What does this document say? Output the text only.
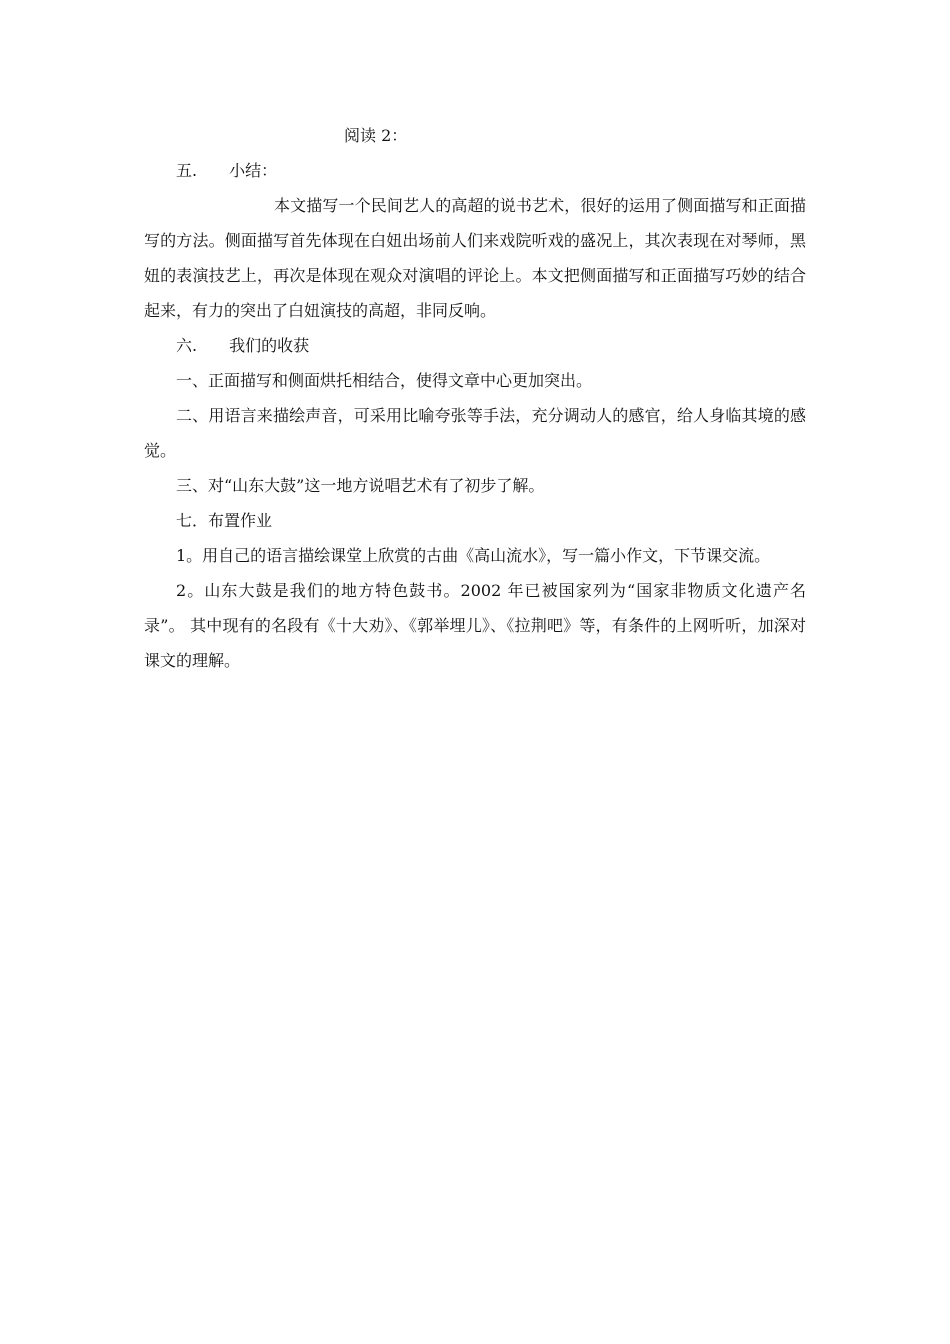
阅读 2：

五. 小结：

本文描写一个民间艺人的高超的说书艺术，很好的运用了侧面描写和正面描写的方法。侧面描写首先体现在白妞出场前人们来戏院听戏的盛况上，其次表现在对琴师，黑妞的表演技艺上，再次是体现在观众对演唱的评论上。本文把侧面描写和正面描写巧妙的结合起来，有力的突出了白妞演技的高超，非同反响。

六. 我们的收获

一、正面描写和侧面烘托相结合，使得文章中心更加突出。

二、用语言来描绘声音，可采用比喻夸张等手法，充分调动人的感官，给人身临其境的感觉。

三、对“山东大鼓”这一地方说唱艺术有了初步了解。

七．布置作业

1。用自己的语言描绘课堂上欣赏的古曲《高山流水》，写一篇小作文，下节课交流。

2。山东大鼓是我们的地方特色鼓书。2002 年已被国家列为“国家非物质文化遗产名录”。 其中现有的名段有《十大劝》、《郭举埋儿》、《拉荆吧》等，有条件的上网听听，加深对课文的理解。
